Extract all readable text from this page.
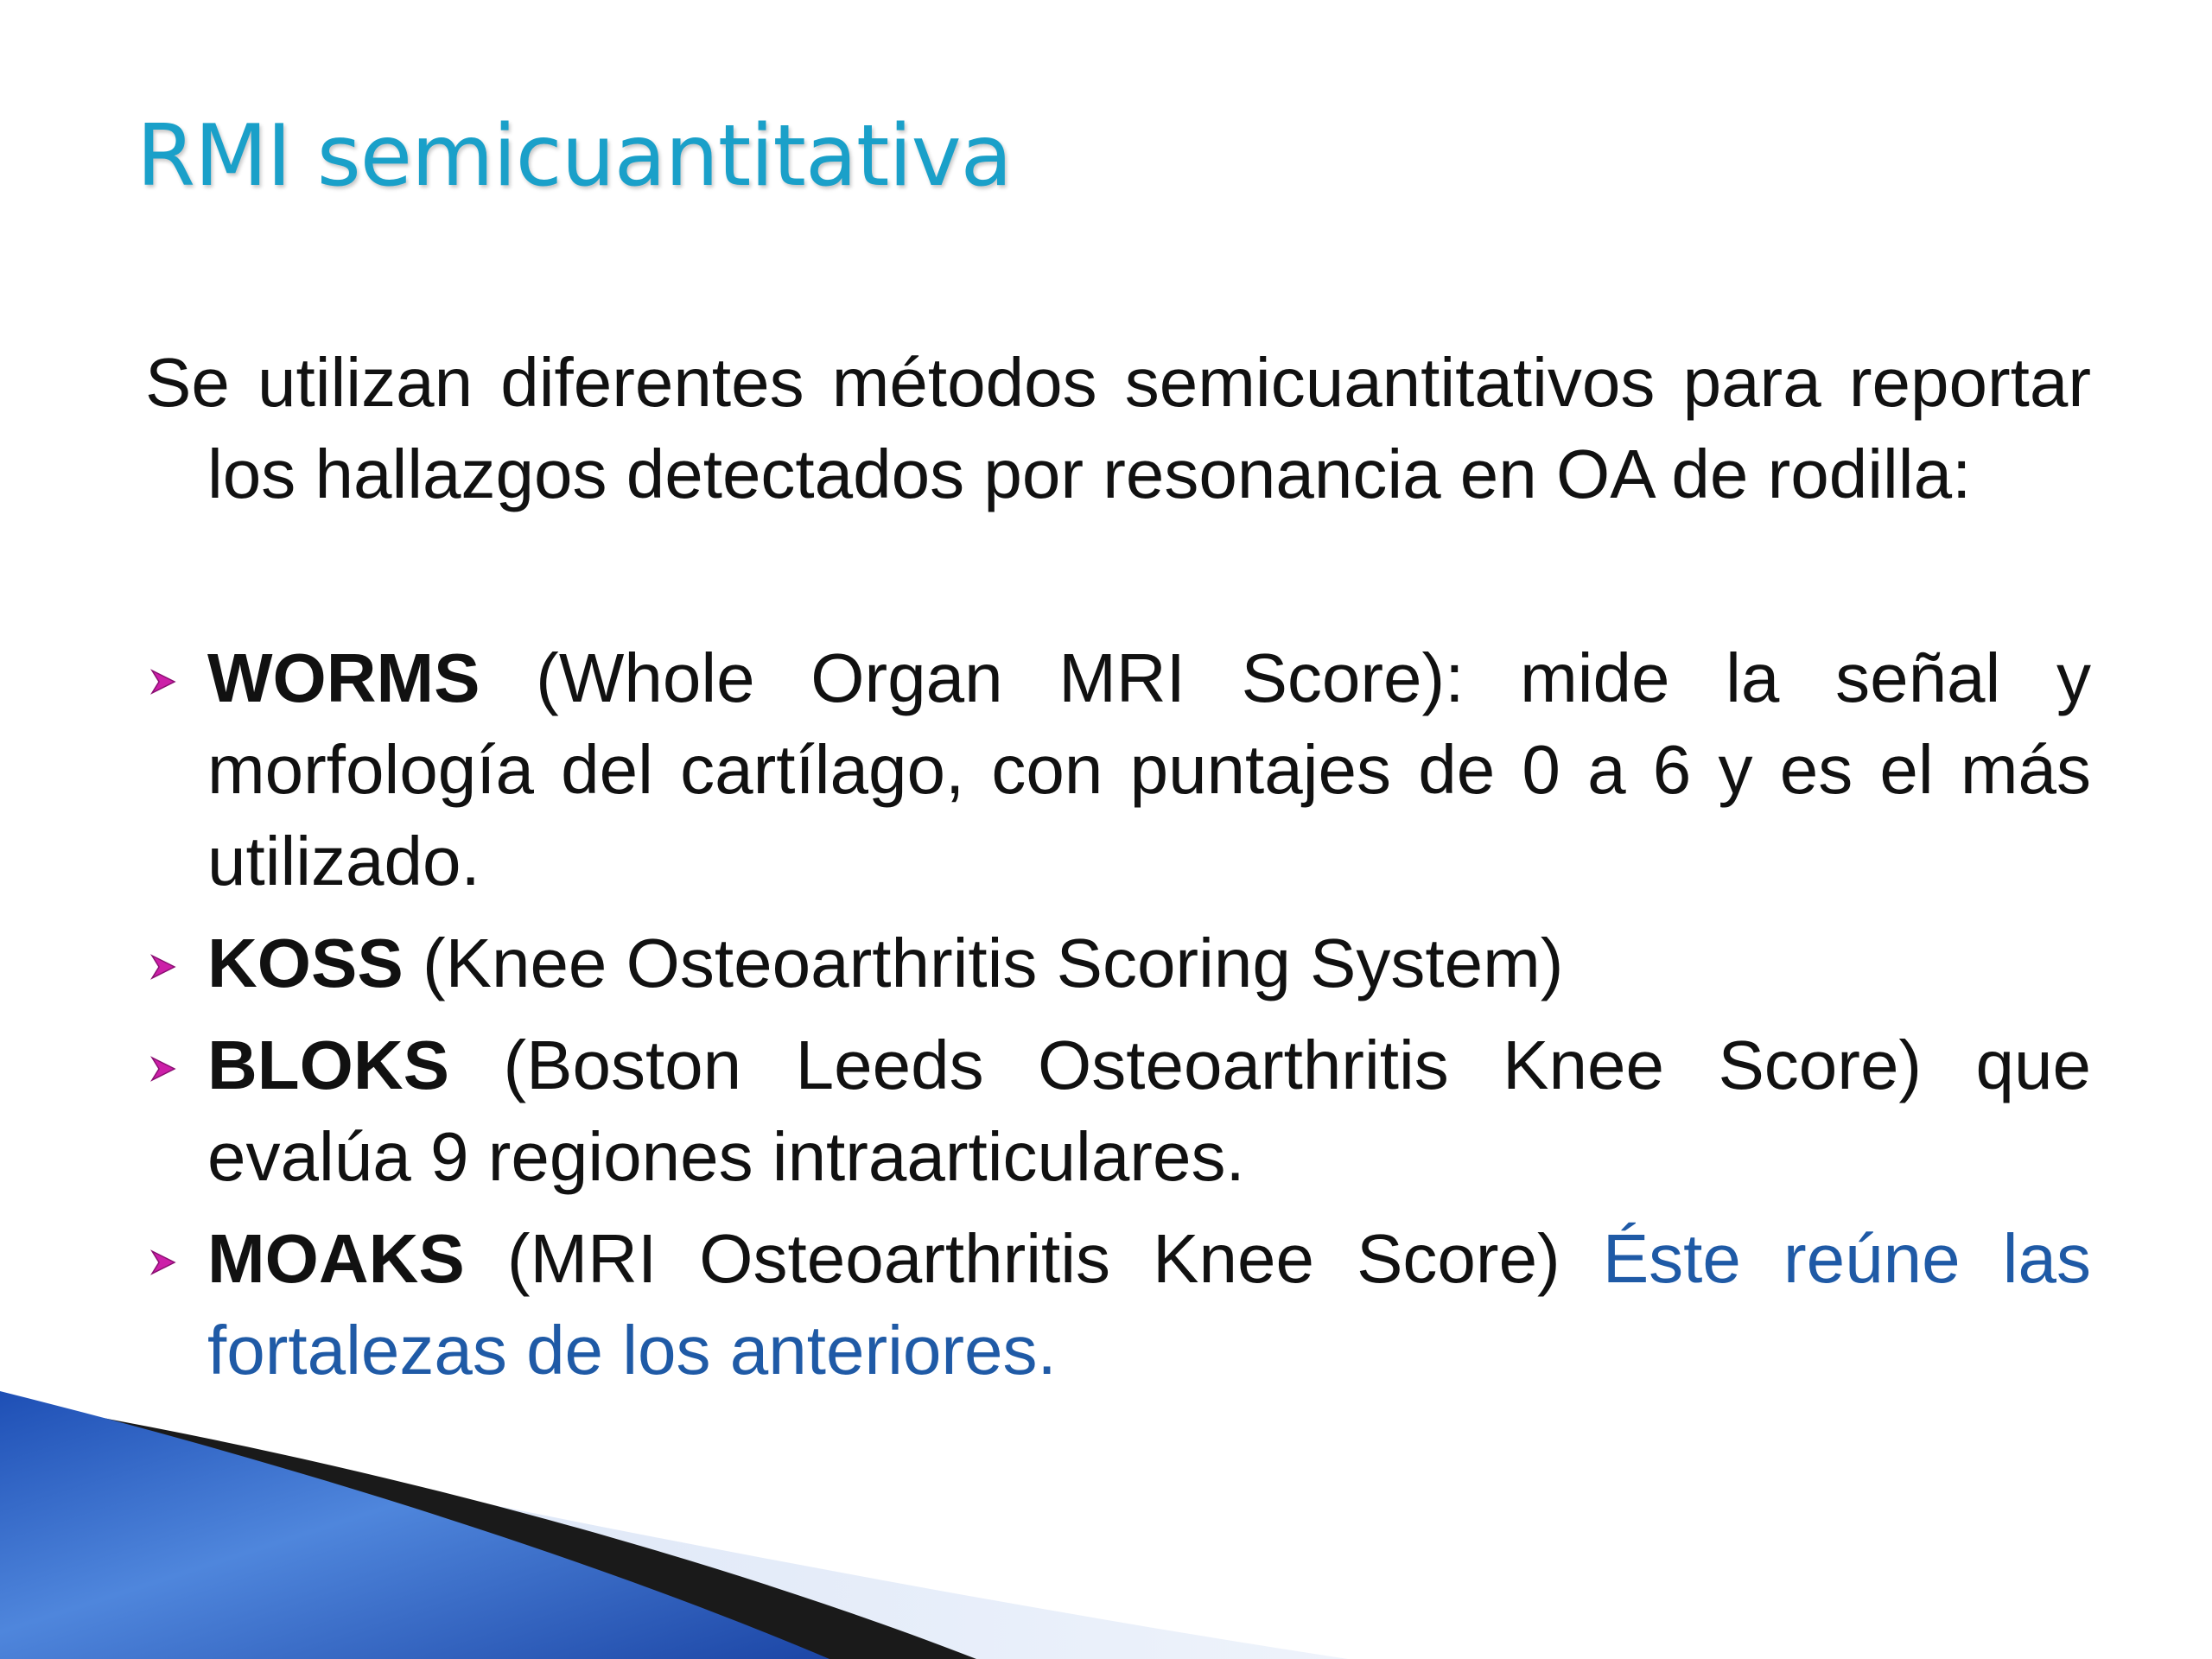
RMI semicuantitativa

Se utilizan diferentes métodos semicuantitativos para reportar los hallazgos detectados por resonancia en OA de rodilla:

WORMS (Whole Organ MRI Score): mide la señal y morfología del cartílago, con puntajes de 0 a 6 y es el más utilizado.
KOSS (Knee Osteoarthritis Scoring System)
BLOKS (Boston Leeds Osteoarthritis Knee Score) que evalúa 9 regiones intraarticulares.
MOAKS (MRI Osteoarthritis Knee Score) Éste reúne las fortalezas de los anteriores.
